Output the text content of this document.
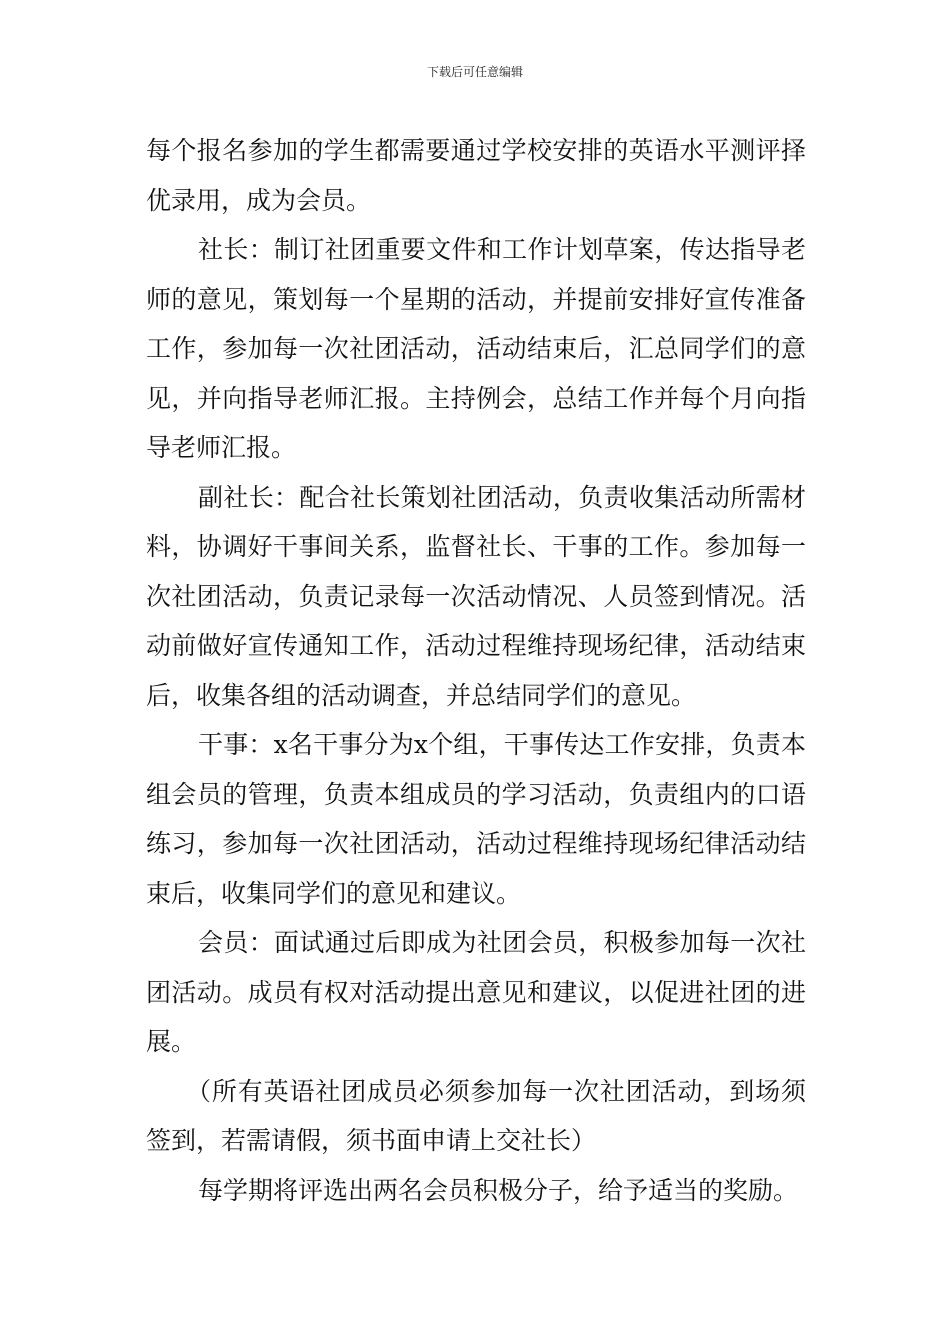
下载后可任意编辑

每个报名参加的学生都需要通过学校安排的英语水平测评择优录用，成为会员。

社长：制订社团重要文件和工作计划草案，传达指导老师的意见，策划每一个星期的活动，并提前安排好宣传准备工作，参加每一次社团活动，活动结束后，汇总同学们的意见，并向指导老师汇报。主持例会，总结工作并每个月向指导老师汇报。

副社长：配合社长策划社团活动，负责收集活动所需材料，协调好干事间关系，监督社长、干事的工作。参加每一次社团活动，负责记录每一次活动情况、人员签到情况。活动前做好宣传通知工作，活动过程维持现场纪律，活动结束后，收集各组的活动调查，并总结同学们的意见。

干事：x名干事分为x个组，干事传达工作安排，负责本组会员的管理，负责本组成员的学习活动，负责组内的口语练习，参加每一次社团活动，活动过程维持现场纪律活动结束后，收集同学们的意见和建议。

会员：面试通过后即成为社团会员，积极参加每一次社团活动。成员有权对活动提出意见和建议，以促进社团的进展。

（所有英语社团成员必须参加每一次社团活动，到场须签到，若需请假，须书面申请上交社长）

每学期将评选出两名会员积极分子，给予适当的奖励。
